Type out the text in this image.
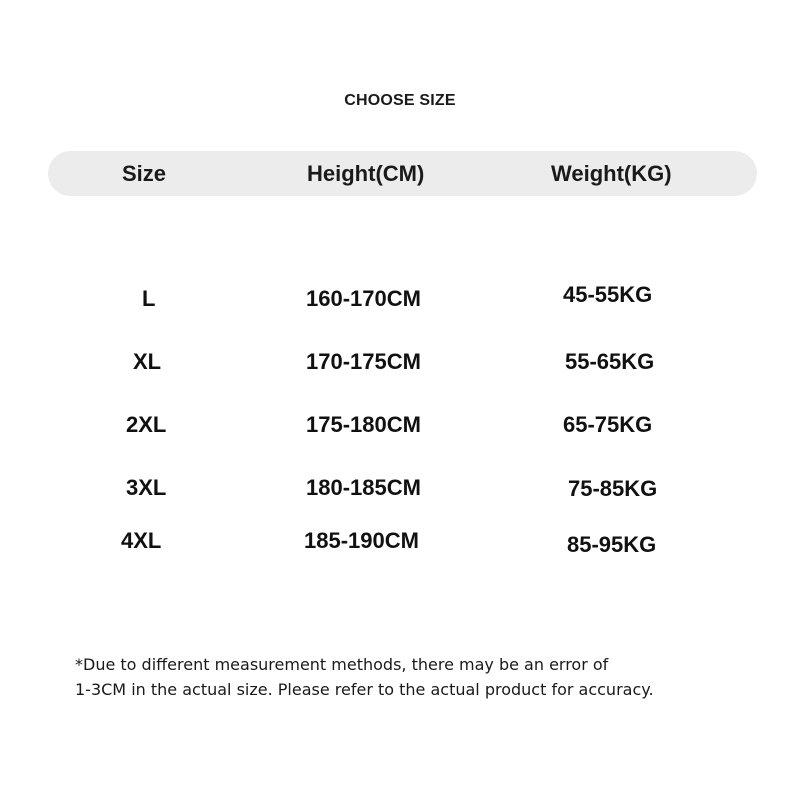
CHOOSE SIZE
Size	Height(CM)	Weight(KG)
L	160-170CM	45-55KG
XL	170-175CM	55-65KG
2XL	175-180CM	65-75KG
3XL	180-185CM	75-85KG
4XL	185-190CM	85-95KG
*Due to different measurement methods, there may be an error of
1-3CM in the actual size. Please refer to the actual product for accuracy.
